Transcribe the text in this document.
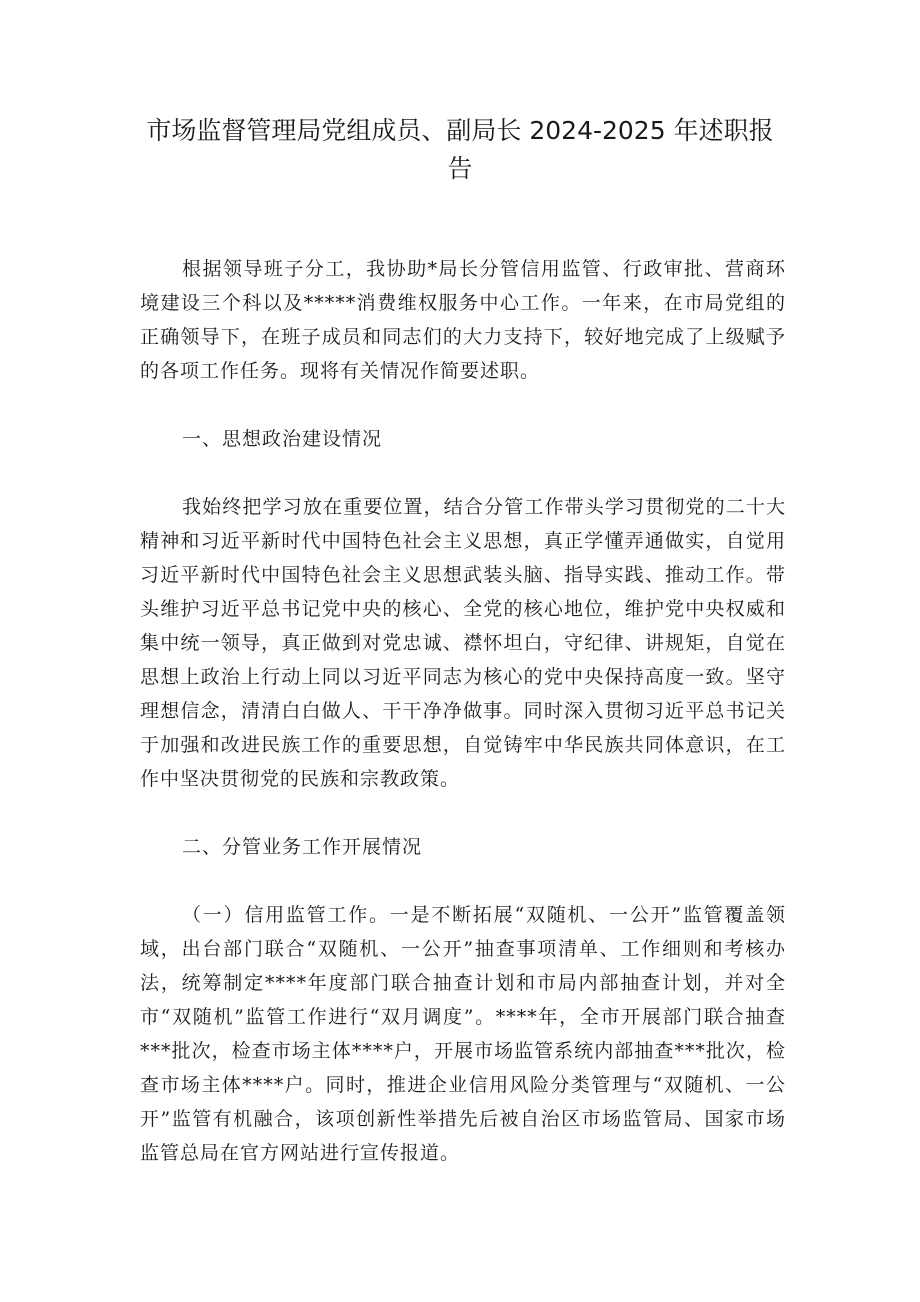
市场监督管理局党组成员、副局长 2024-2025 年述职报告

根据领导班子分工，我协助*局长分管信用监管、行政审批、营商环境建设三个科以及*****消费维权服务中心工作。一年来，在市局党组的正确领导下，在班子成员和同志们的大力支持下，较好地完成了上级赋予的各项工作任务。现将有关情况作简要述职。

一、思想政治建设情况

我始终把学习放在重要位置，结合分管工作带头学习贯彻党的二十大精神和习近平新时代中国特色社会主义思想，真正学懂弄通做实，自觉用习近平新时代中国特色社会主义思想武装头脑、指导实践、推动工作。带头维护习近平总书记党中央的核心、全党的核心地位，维护党中央权威和集中统一领导，真正做到对党忠诚、襟怀坦白，守纪律、讲规矩，自觉在思想上政治上行动上同以习近平同志为核心的党中央保持高度一致。坚守理想信念，清清白白做人、干干净净做事。同时深入贯彻习近平总书记关于加强和改进民族工作的重要思想，自觉铸牢中华民族共同体意识，在工作中坚决贯彻党的民族和宗教政策。

二、分管业务工作开展情况

（一）信用监管工作。一是不断拓展“双随机、一公开”监管覆盖领域，出台部门联合“双随机、一公开”抽查事项清单、工作细则和考核办法，统筹制定****年度部门联合抽查计划和市局内部抽查计划，并对全市“双随机”监管工作进行“双月调度”。****年，全市开展部门联合抽查***批次，检查市场主体****户，开展市场监管系统内部抽查***批次，检查市场主体****户。同时，推进企业信用风险分类管理与“双随机、一公开”监管有机融合，该项创新性举措先后被自治区市场监管局、国家市场监管总局在官方网站进行宣传报道。
